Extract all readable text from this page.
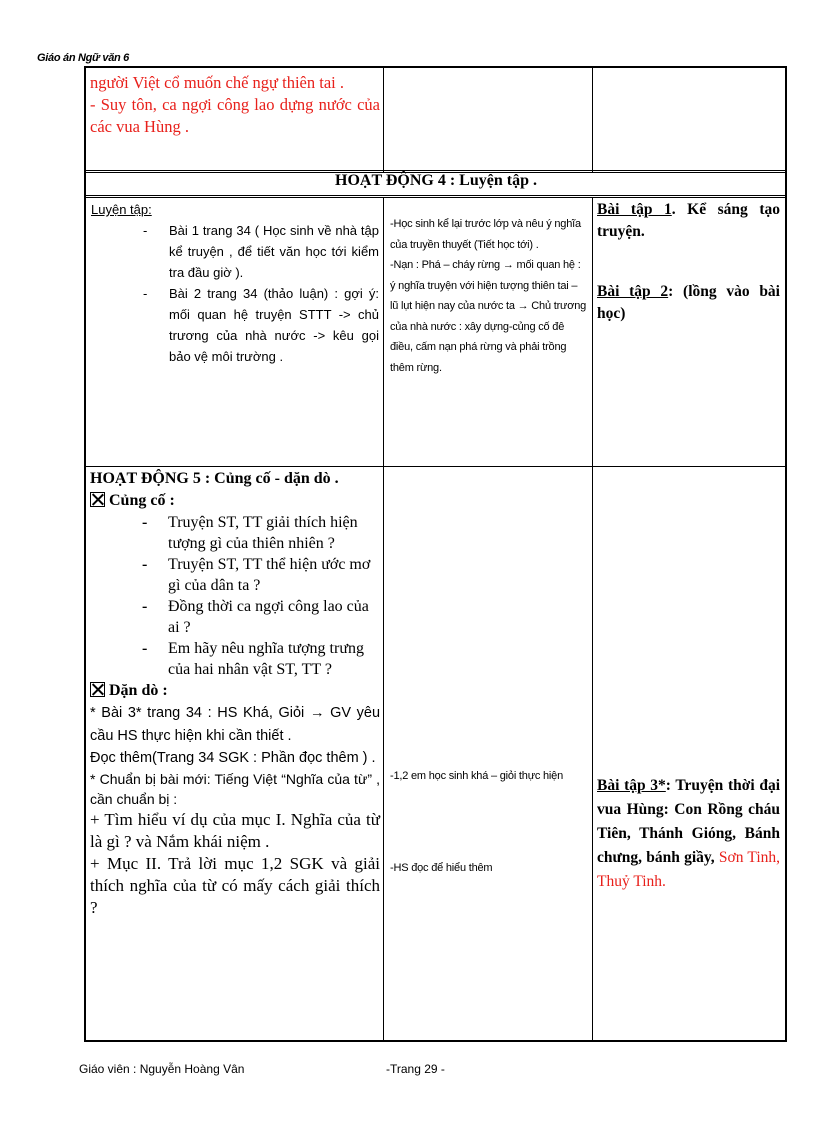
Giáo án Ngữ văn 6
người Việt cổ muốn chế ngự thiên tai .
- Suy tôn, ca ngợi công lao dựng nước của các vua Hùng .
HOẠT ĐỘNG 4 : Luyện tập .
Luyện tập:
- Bài 1 trang 34 ( Học sinh về nhà tập kể truyện , để tiết văn học tới kiểm tra đầu giờ ).
- Bài 2 trang 34 (thảo luận) : gợi ý: mối quan hệ truyện STTT -> chủ trương của nhà nước -> kêu gọi bảo vệ môi trường .
-Học sinh kể lại trước lớp và nêu ý nghĩa của truyền thuyết (Tiết học tới) .
-Nạn : Phá – cháy rừng → mối quan hệ : ý nghĩa truyện với hiện tượng thiên tai – lũ lụt hiện nay của nước ta → Chủ trương của nhà nước : xây dựng-củng cố đê điều, cấm nạn phá rừng và phải trồng thêm rừng.
Bài tập 1. Kể sáng tạo truyện.
Bài tập 2: (lồng vào bài học)
HOẠT ĐỘNG 5 : Củng cố - dặn dò .
Củng cố :
- Truyện ST, TT giải thích hiện tượng gì của thiên nhiên ?
- Truyện ST, TT thể hiện ước mơ gì của dân ta ?
- Đồng thời ca ngợi công lao của ai ?
- Em hãy nêu nghĩa tượng trưng của hai nhân vật ST, TT ?
Dặn dò :
* Bài 3* trang 34 : HS Khá, Giỏi → GV yêu cầu HS thực hiện khi cần thiết .
Đọc thêm(Trang 34 SGK : Phần đọc thêm ) .
* Chuẩn bị bài mới: Tiếng Việt “Nghĩa của từ” , cần chuẩn bị :
+ Tìm hiểu ví dụ của mục I. Nghĩa của từ là gì ? và Nắm khái niệm .
+ Mục II. Trả lời mục 1,2 SGK và giải thích nghĩa của từ có mấy cách giải thích ?
-1,2 em học sinh khá – giỏi thực hiện
-HS đọc để hiểu thêm
Bài tập 3*: Truyện thời đại vua Hùng: Con Rồng cháu Tiên, Thánh Gióng, Bánh chưng, bánh giầy, Sơn Tinh, Thuỷ Tinh.
Giáo viên : Nguyễn Hoàng Vân	-Trang 29 -
